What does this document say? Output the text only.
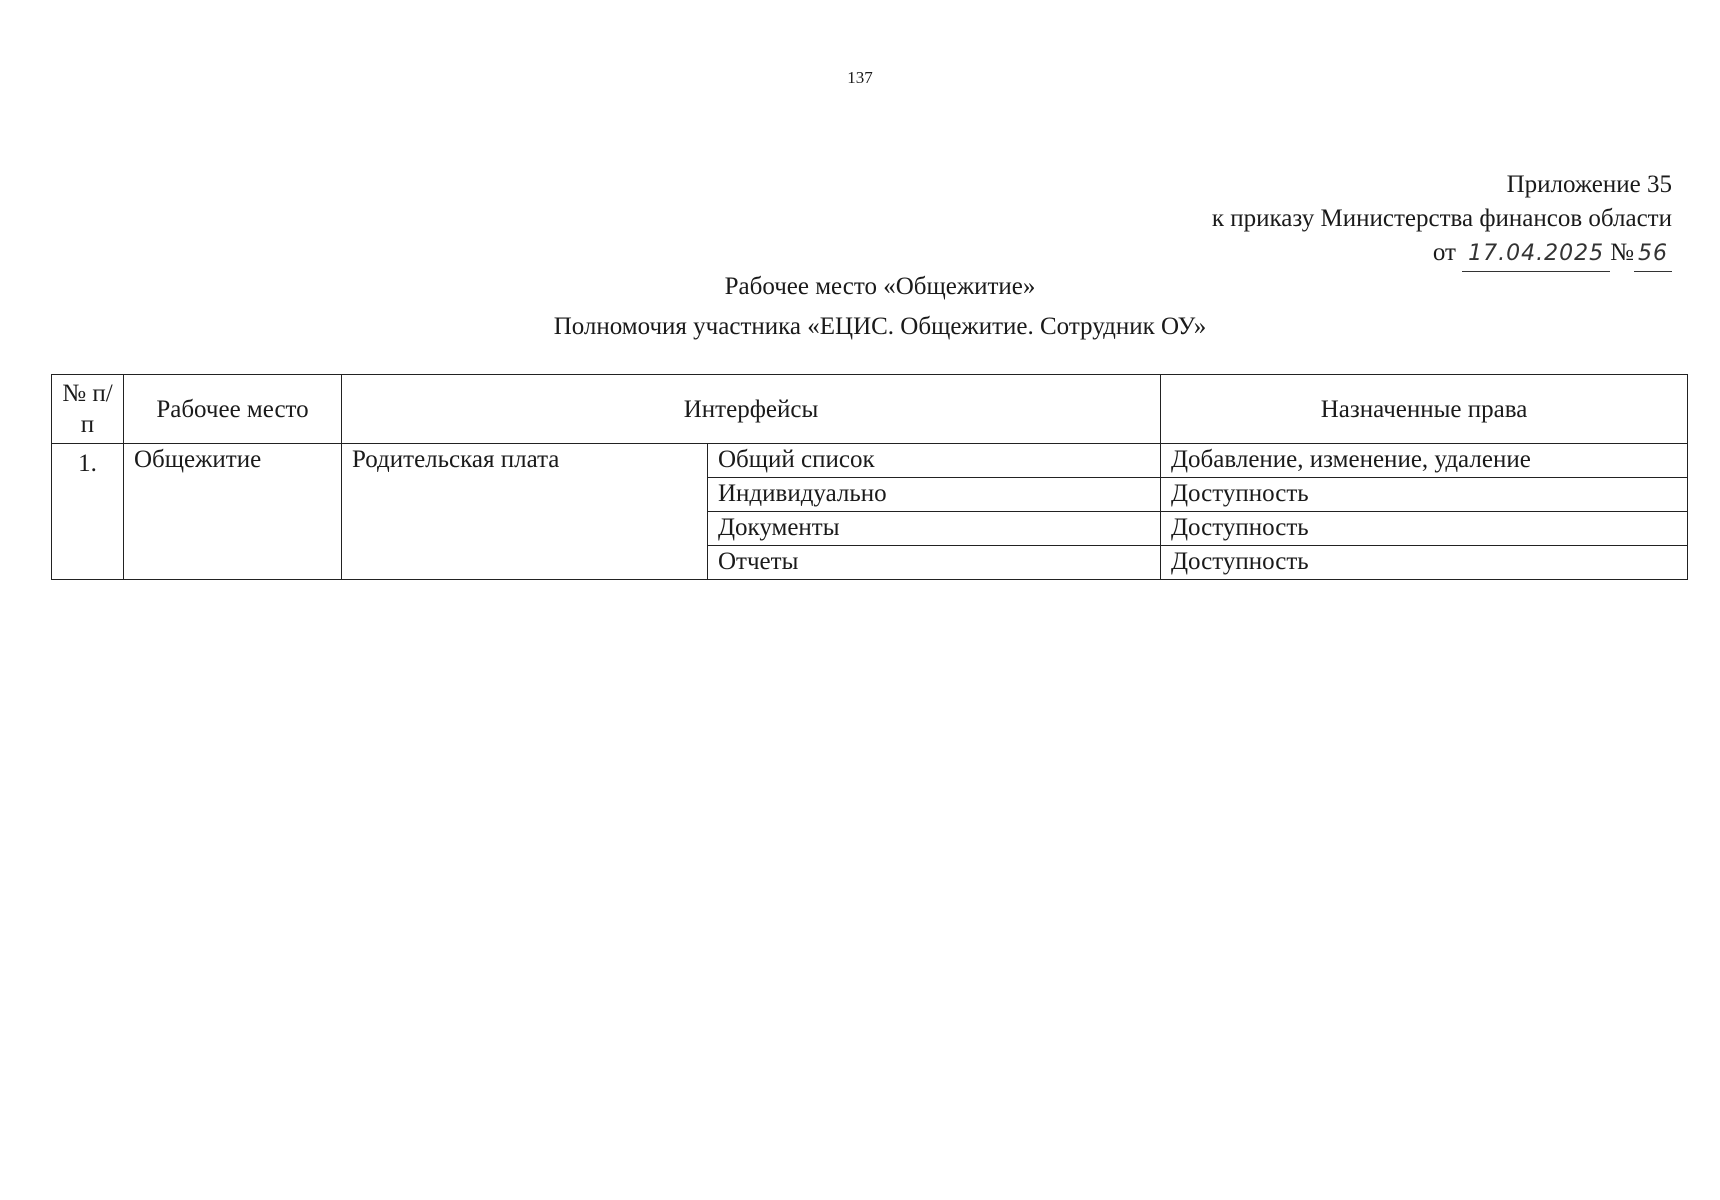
137
Приложение 35
к приказу Министерства финансов области
от 17.04.2025 № 56
Рабочее место «Общежитие»
Полномочия участника «ЕЦИС. Общежитие. Сотрудник ОУ»
№ п/п	Рабочее место	Интерфейсы		Назначенные права
1.	Общежитие	Родительская плата	Общий список	Добавление, изменение, удаление
			Индивидуально	Доступность
			Документы	Доступность
			Отчеты	Доступность
